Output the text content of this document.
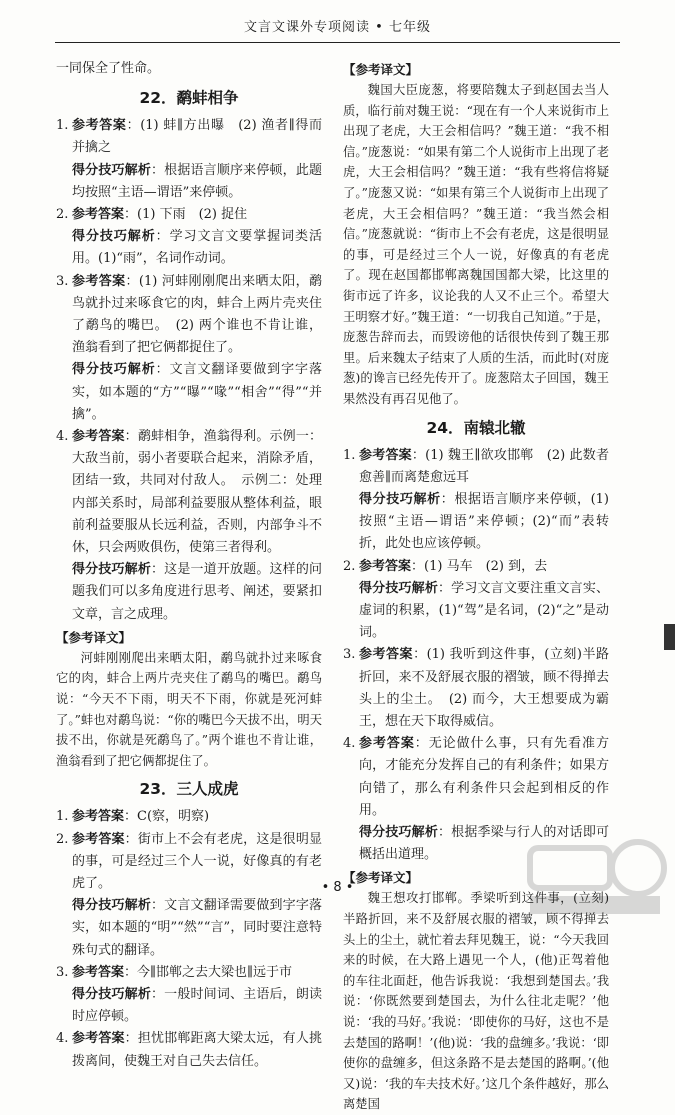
文言文课外专项阅读 • 七年级

一同保全了性命。

22．鹬蚌相争
1. 参考答案：(1) 蚌∥方出曝　(2) 渔者∥得而并擒之

得分技巧解析：根据语言顺序来停顿，此题均按照“主语—谓语”来停顿。

2. 参考答案：(1) 下雨　(2) 捉住

得分技巧解析：学习文言文要掌握词类活用。(1)“雨”，名词作动词。

3. 参考答案：(1) 河蚌刚刚爬出来晒太阳，鹬鸟就扑过来啄食它的肉，蚌合上两片壳夹住了鹬鸟的嘴巴。　(2) 两个谁也不肯让谁，渔翁看到了把它俩都捉住了。

得分技巧解析：文言文翻译要做到字字落实，如本题的“方”“曝”“喙”“相舍”“得”“并擒”。

4. 参考答案：鹬蚌相争，渔翁得利。示例一：大敌当前，弱小者要联合起来，消除矛盾，团结一致，共同对付敌人。　示例二：处理内部关系时，局部利益要服从整体利益，眼前利益要服从长远利益，否则，内部争斗不休，只会两败俱伤，使第三者得利。

得分技巧解析：这是一道开放题。这样的问题我们可以多角度进行思考、阐述，要紧扣文章，言之成理。

【参考译文】

河蚌刚刚爬出来晒太阳，鹬鸟就扑过来啄食它的肉，蚌合上两片壳夹住了鹬鸟的嘴巴。鹬鸟说：“今天不下雨，明天不下雨，你就是死河蚌了。”蚌也对鹬鸟说：“你的嘴巴今天拔不出，明天拔不出，你就是死鹬鸟了。”两个谁也不肯让谁，渔翁看到了把它俩都捉住了。

23．三人成虎
1. 参考答案：C(察，明察)
2. 参考答案：街市上不会有老虎，这是很明显的事，可是经过三个人一说，好像真的有老虎了。

得分技巧解析：文言文翻译需要做到字字落实，如本题的“明”“然”“言”，同时要注意特殊句式的翻译。

3. 参考答案：今∥邯郸之去大梁也∥远于市

得分技巧解析：一般时间词、主语后，朗读时应停顿。

4. 参考答案：担忧邯郸距离大梁太远，有人挑拨离间，使魏王对自己失去信任。
【参考译文】

魏国大臣庞葱，将要陪魏太子到赵国去当人质，临行前对魏王说：“现在有一个人来说街市上出现了老虎，大王会相信吗？”魏王道：“我不相信。”庞葱说：“如果有第二个人说街市上出现了老虎，大王会相信吗？”魏王道：“我有些将信将疑了。”庞葱又说：“如果有第三个人说街市上出现了老虎，大王会相信吗？”魏王道：“我当然会相信。”庞葱就说：“街市上不会有老虎，这是很明显的事，可是经过三个人一说，好像真的有老虎了。现在赵国都邯郸离魏国国都大梁，比这里的街市远了许多，议论我的人又不止三个。希望大王明察才好。”魏王道：“一切我自己知道。”于是，庞葱告辞而去，而毁谤他的话很快传到了魏王那里。后来魏太子结束了人质的生活，而此时(对庞葱)的谗言已经先传开了。庞葱陪太子回国，魏王果然没有再召见他了。

24．南辕北辙
1. 参考答案：(1) 魏王∥欲攻邯郸　(2) 此数者愈善∥而离楚愈远耳

得分技巧解析：根据语言顺序来停顿，(1)按照“主语—谓语”来停顿；(2)“而”表转折，此处也应该停顿。

2. 参考答案：(1) 马车　(2) 到，去

得分技巧解析：学习文言文要注重文言实、虚词的积累，(1)“驾”是名词，(2)“之”是动词。

3. 参考答案：(1) 我听到这件事，(立刻)半路折回，来不及舒展衣服的褶皱，顾不得掸去头上的尘土。　(2) 而今，大王想要成为霸王，想在天下取得威信。
4. 参考答案：无论做什么事，只有先看准方向，才能充分发挥自己的有利条件；如果方向错了，那么有利条件只会起到相反的作用。

得分技巧解析：根据季梁与行人的对话即可概括出道理。

【参考译文】

魏王想攻打邯郸。季梁听到这件事，(立刻)半路折回，来不及舒展衣服的褶皱，顾不得掸去头上的尘土，就忙着去拜见魏王，说：“今天我回来的时候，在大路上遇见一个人，(他)正驾着他的车往北面赶，他告诉我说：‘我想到楚国去。’我说：‘你既然要到楚国去，为什么往北走呢？’他说：‘我的马好。’我说：‘即使你的马好，这也不是去楚国的路啊！’(他)说：‘我的盘缠多。’我说：‘即使你的盘缠多，但这条路不是去楚国的路啊。’(他又)说：‘我的车夫技术好。’这几个条件越好，那么离楚国

• 8 •
